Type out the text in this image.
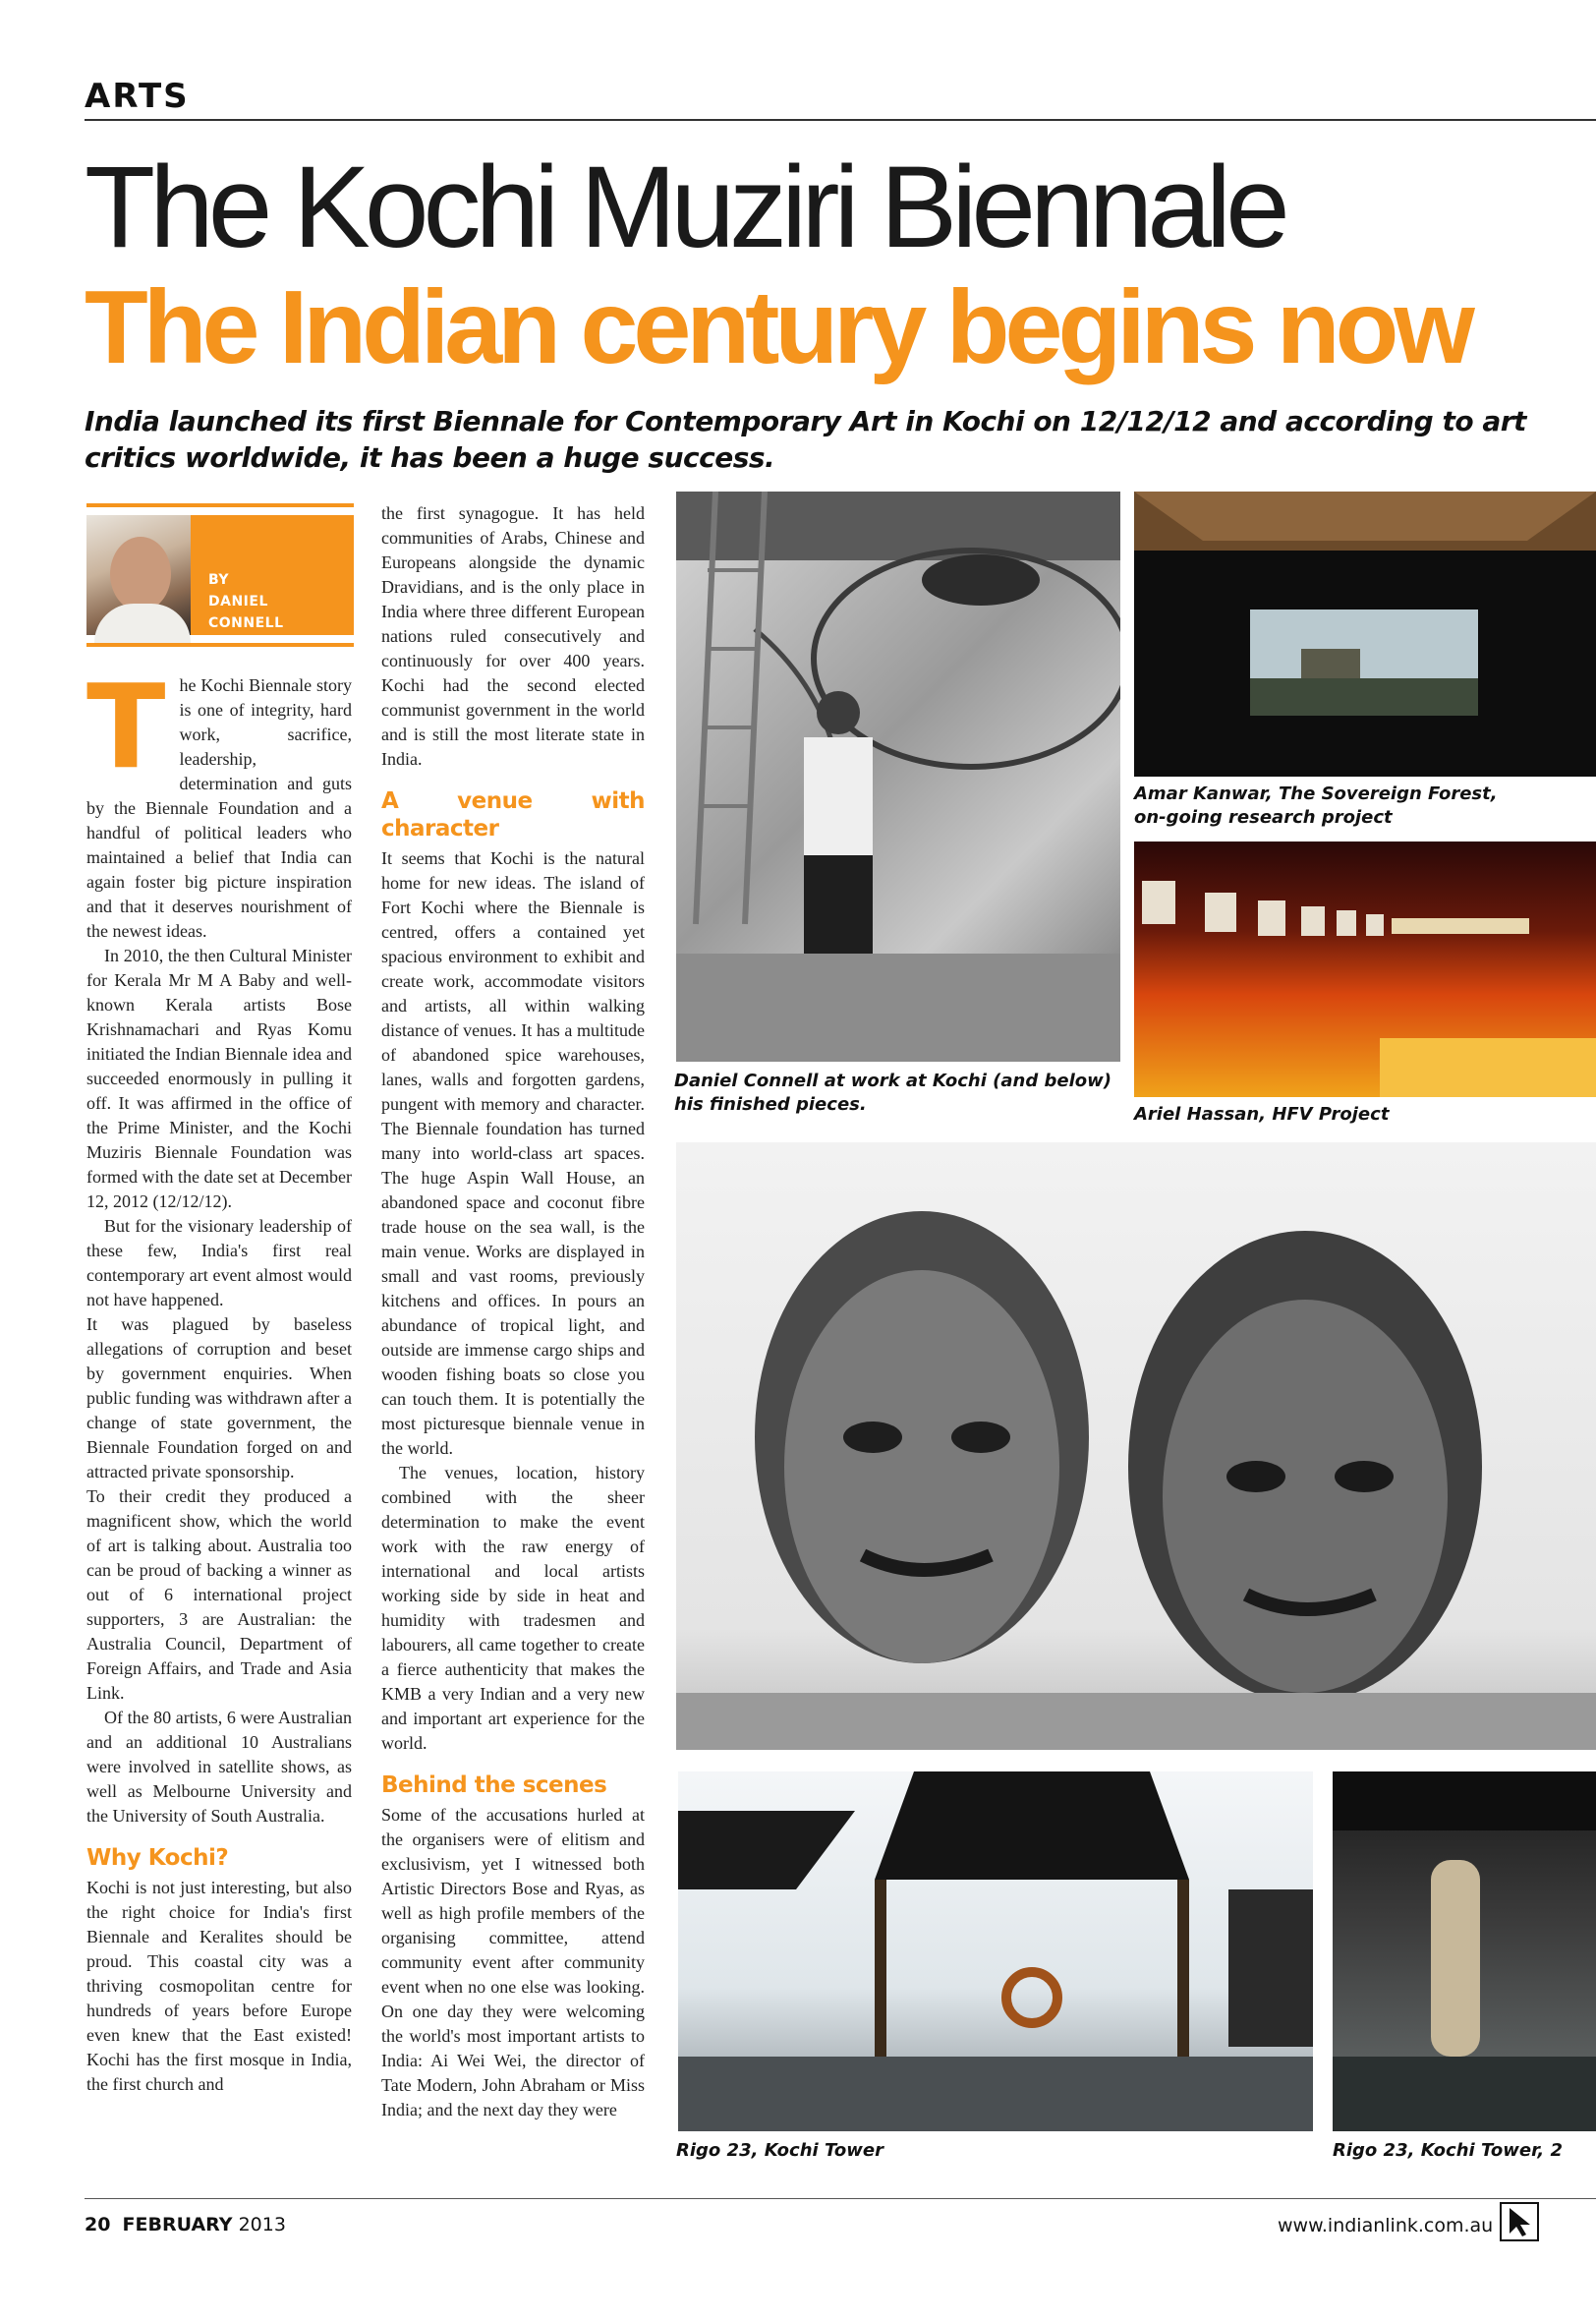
ARTS
The Kochi Muziri Biennale
The Indian century begins now
India launched its first Biennale for Contemporary Art in Kochi on 12/12/12 and according to art critics worldwide, it has been a huge success.
BY
DANIEL
CONNELL

The Kochi Biennale story is one of integrity, hard work, sacrifice, leadership, determination and guts by the Biennale Foundation and a handful of political leaders who maintained a belief that India can again foster big picture inspiration and that it deserves nourishment of the newest ideas.

In 2010, the then Cultural Minister for Kerala Mr M A Baby and well-known Kerala artists Bose Krishnamachari and Ryas Komu initiated the Indian Biennale idea and succeeded enormously in pulling it off. It was affirmed in the office of the Prime Minister, and the Kochi Muziris Biennale Foundation was formed with the date set at December 12, 2012 (12/12/12).

But for the visionary leadership of these few, India's first real contemporary art event almost would not have happened.

It was plagued by baseless allegations of corruption and beset by government enquiries. When public funding was withdrawn after a change of state government, the Biennale Foundation forged on and attracted private sponsorship.

To their credit they produced a magnificent show, which the world of art is talking about. Australia too can be proud of backing a winner as out of 6 international project supporters, 3 are Australian: the Australia Council, Department of Foreign Affairs, and Trade and Asia Link.

Of the 80 artists, 6 were Australian and an additional 10 Australians were involved in satellite shows, as well as Melbourne University and the University of South Australia.

Why Kochi?

Kochi is not just interesting, but also the right choice for India's first Biennale and Keralites should be proud. This coastal city was a thriving cosmopolitan centre for hundreds of years before Europe even knew that the East existed! Kochi has the first mosque in India, the first church and

the first synagogue. It has held communities of Arabs, Chinese and Europeans alongside the dynamic Dravidians, and is the only place in India where three different European nations ruled consecutively and continuously for over 400 years. Kochi had the second elected communist government in the world and is still the most literate state in India.

A venue with character

It seems that Kochi is the natural home for new ideas. The island of Fort Kochi where the Biennale is centred, offers a contained yet spacious environment to exhibit and create work, accommodate visitors and artists, all within walking distance of venues. It has a multitude of abandoned spice warehouses, lanes, walls and forgotten gardens, pungent with memory and character. The Biennale foundation has turned many into world-class art spaces. The huge Aspin Wall House, an abandoned space and coconut fibre trade house on the sea wall, is the main venue. Works are displayed in small and vast rooms, previously kitchens and offices. In pours an abundance of tropical light, and outside are immense cargo ships and wooden fishing boats so close you can touch them. It is potentially the most picturesque biennale venue in the world.

The venues, location, history combined with the sheer determination to make the event work with the raw energy of international and local artists working side by side in heat and humidity with tradesmen and labourers, all came together to create a fierce authenticity that makes the KMB a very Indian and a very new and important art experience for the world.

Behind the scenes

Some of the accusations hurled at the organisers were of elitism and exclusivism, yet I witnessed both Artistic Directors Bose and Ryas, as well as high profile members of the organising committee, attend community event after community event when no one else was looking. On one day they were welcoming the world's most important artists to India: Ai Wei Wei, the director of Tate Modern, John Abraham or Miss India; and the next day they were

Daniel Connell at work at Kochi (and below) his finished pieces.
Amar Kanwar, The Sovereign Forest,
on-going research project
Ariel Hassan, HFV Project
Rigo 23, Kochi Tower	Rigo 23, Kochi Tower, 2
20 FEBRUARY 2013	www.indianlink.com.au
